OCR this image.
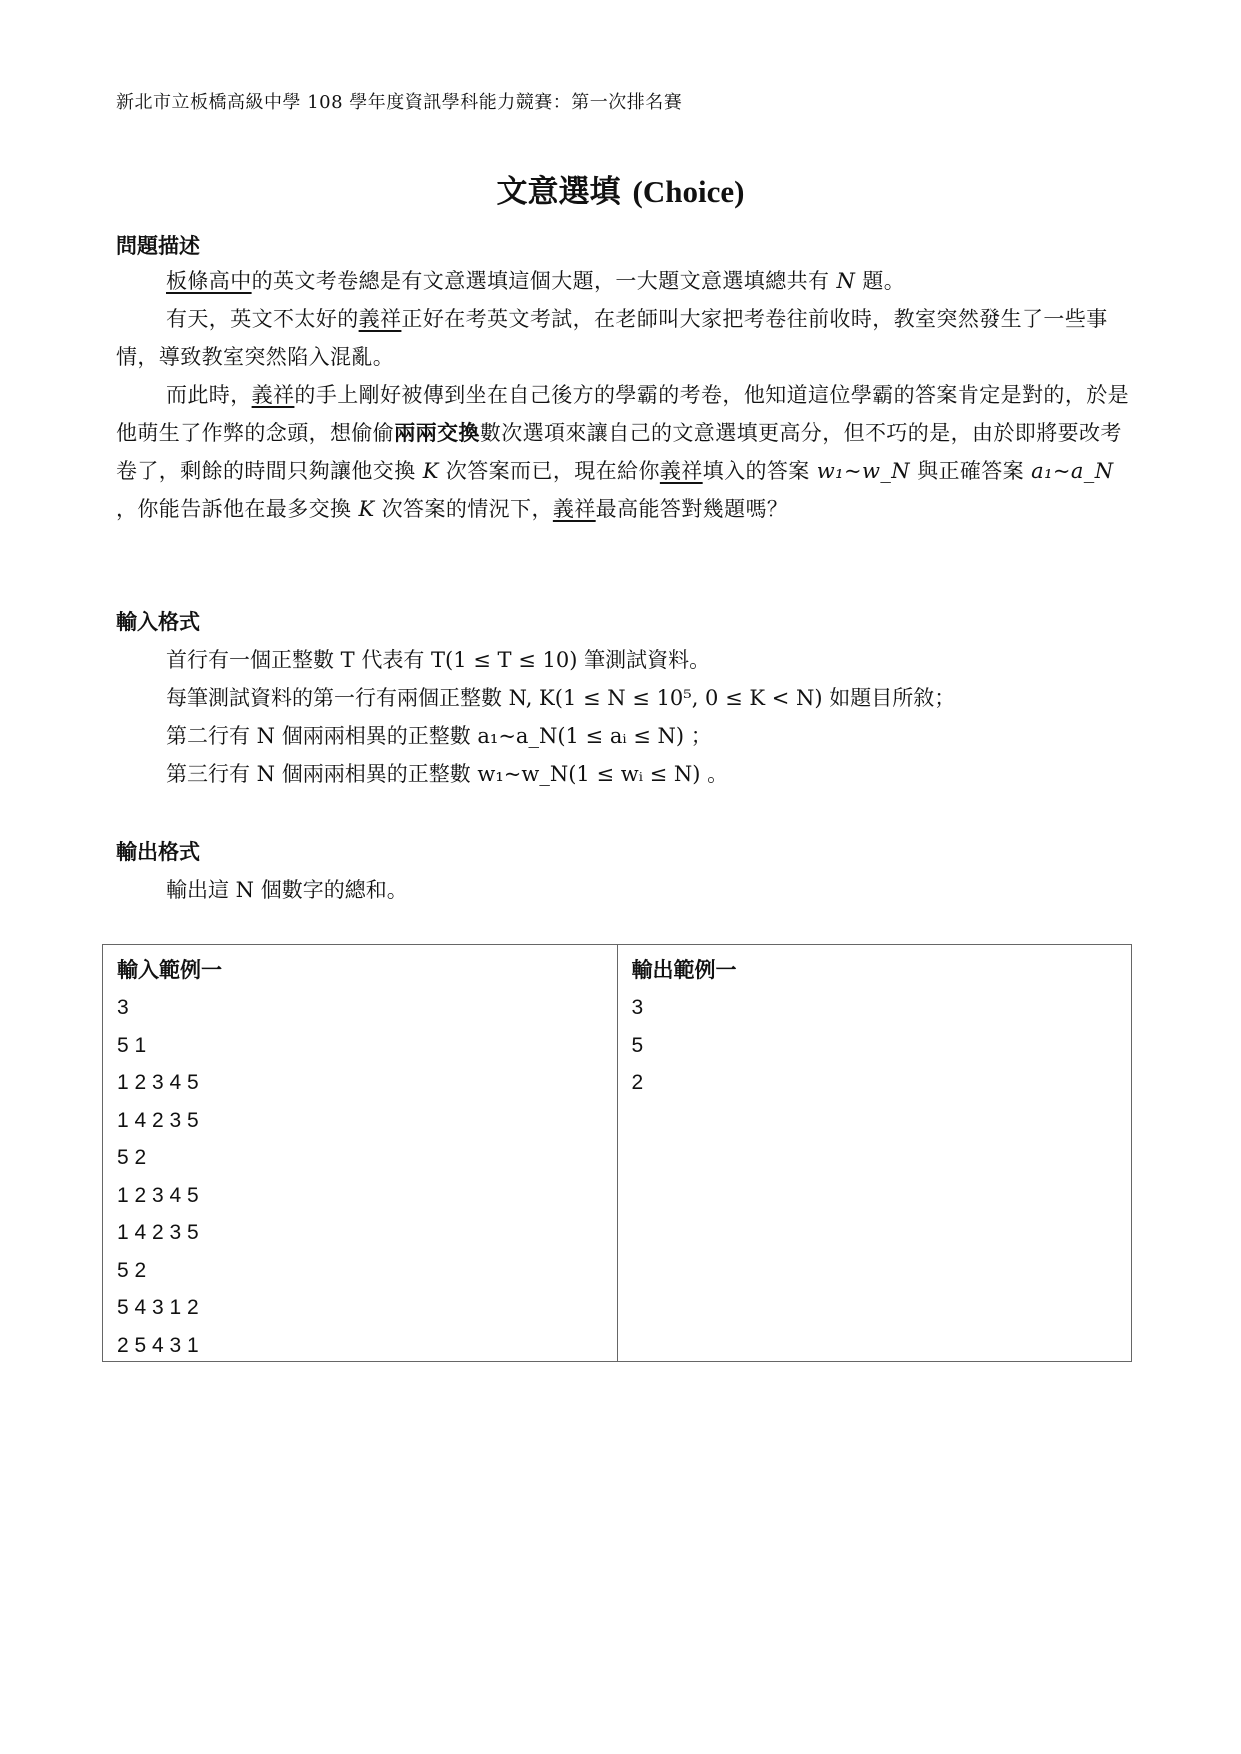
新北市立板橋高級中學 108 學年度資訊學科能力競賽：第一次排名賽
文意選填 (Choice)
問題描述
板條高中的英文考卷總是有文意選填這個大題，一大題文意選填總共有 N 題。
有天，英文不太好的義祥正好在考英文考試，在老師叫大家把考卷往前收時，教室突然發生了一些事情，導致教室突然陷入混亂。
而此時，義祥的手上剛好被傳到坐在自己後方的學霸的考卷，他知道這位學霸的答案肯定是對的，於是他萌生了作弊的念頭，想偷偷兩兩交換數次選項來讓自己的文意選填更高分，但不巧的是，由於即將要改考卷了，剩餘的時間只夠讓他交換 K 次答案而已，現在給你義祥填入的答案 w₁~w_N 與正確答案 a₁~a_N ，你能告訴他在最多交換 K 次答案的情況下，義祥最高能答對幾題嗎？
輸入格式
首行有一個正整數 T 代表有 T(1 ≤ T ≤ 10) 筆測試資料。
每筆測試資料的第一行有兩個正整數 N, K(1 ≤ N ≤ 10⁵, 0 ≤ K < N) 如題目所敘；
第二行有 N 個兩兩相異的正整數 a₁~a_N(1 ≤ aᵢ ≤ N) ；
第三行有 N 個兩兩相異的正整數 w₁~w_N(1 ≤ wᵢ ≤ N) 。
輸出格式
輸出這 N 個數字的總和。
輸入範例一
3
5 1
1 2 3 4 5
1 4 2 3 5
5 2
1 2 3 4 5
1 4 2 3 5
5 2
5 4 3 1 2
2 5 4 3 1
輸出範例一
3
5
2
